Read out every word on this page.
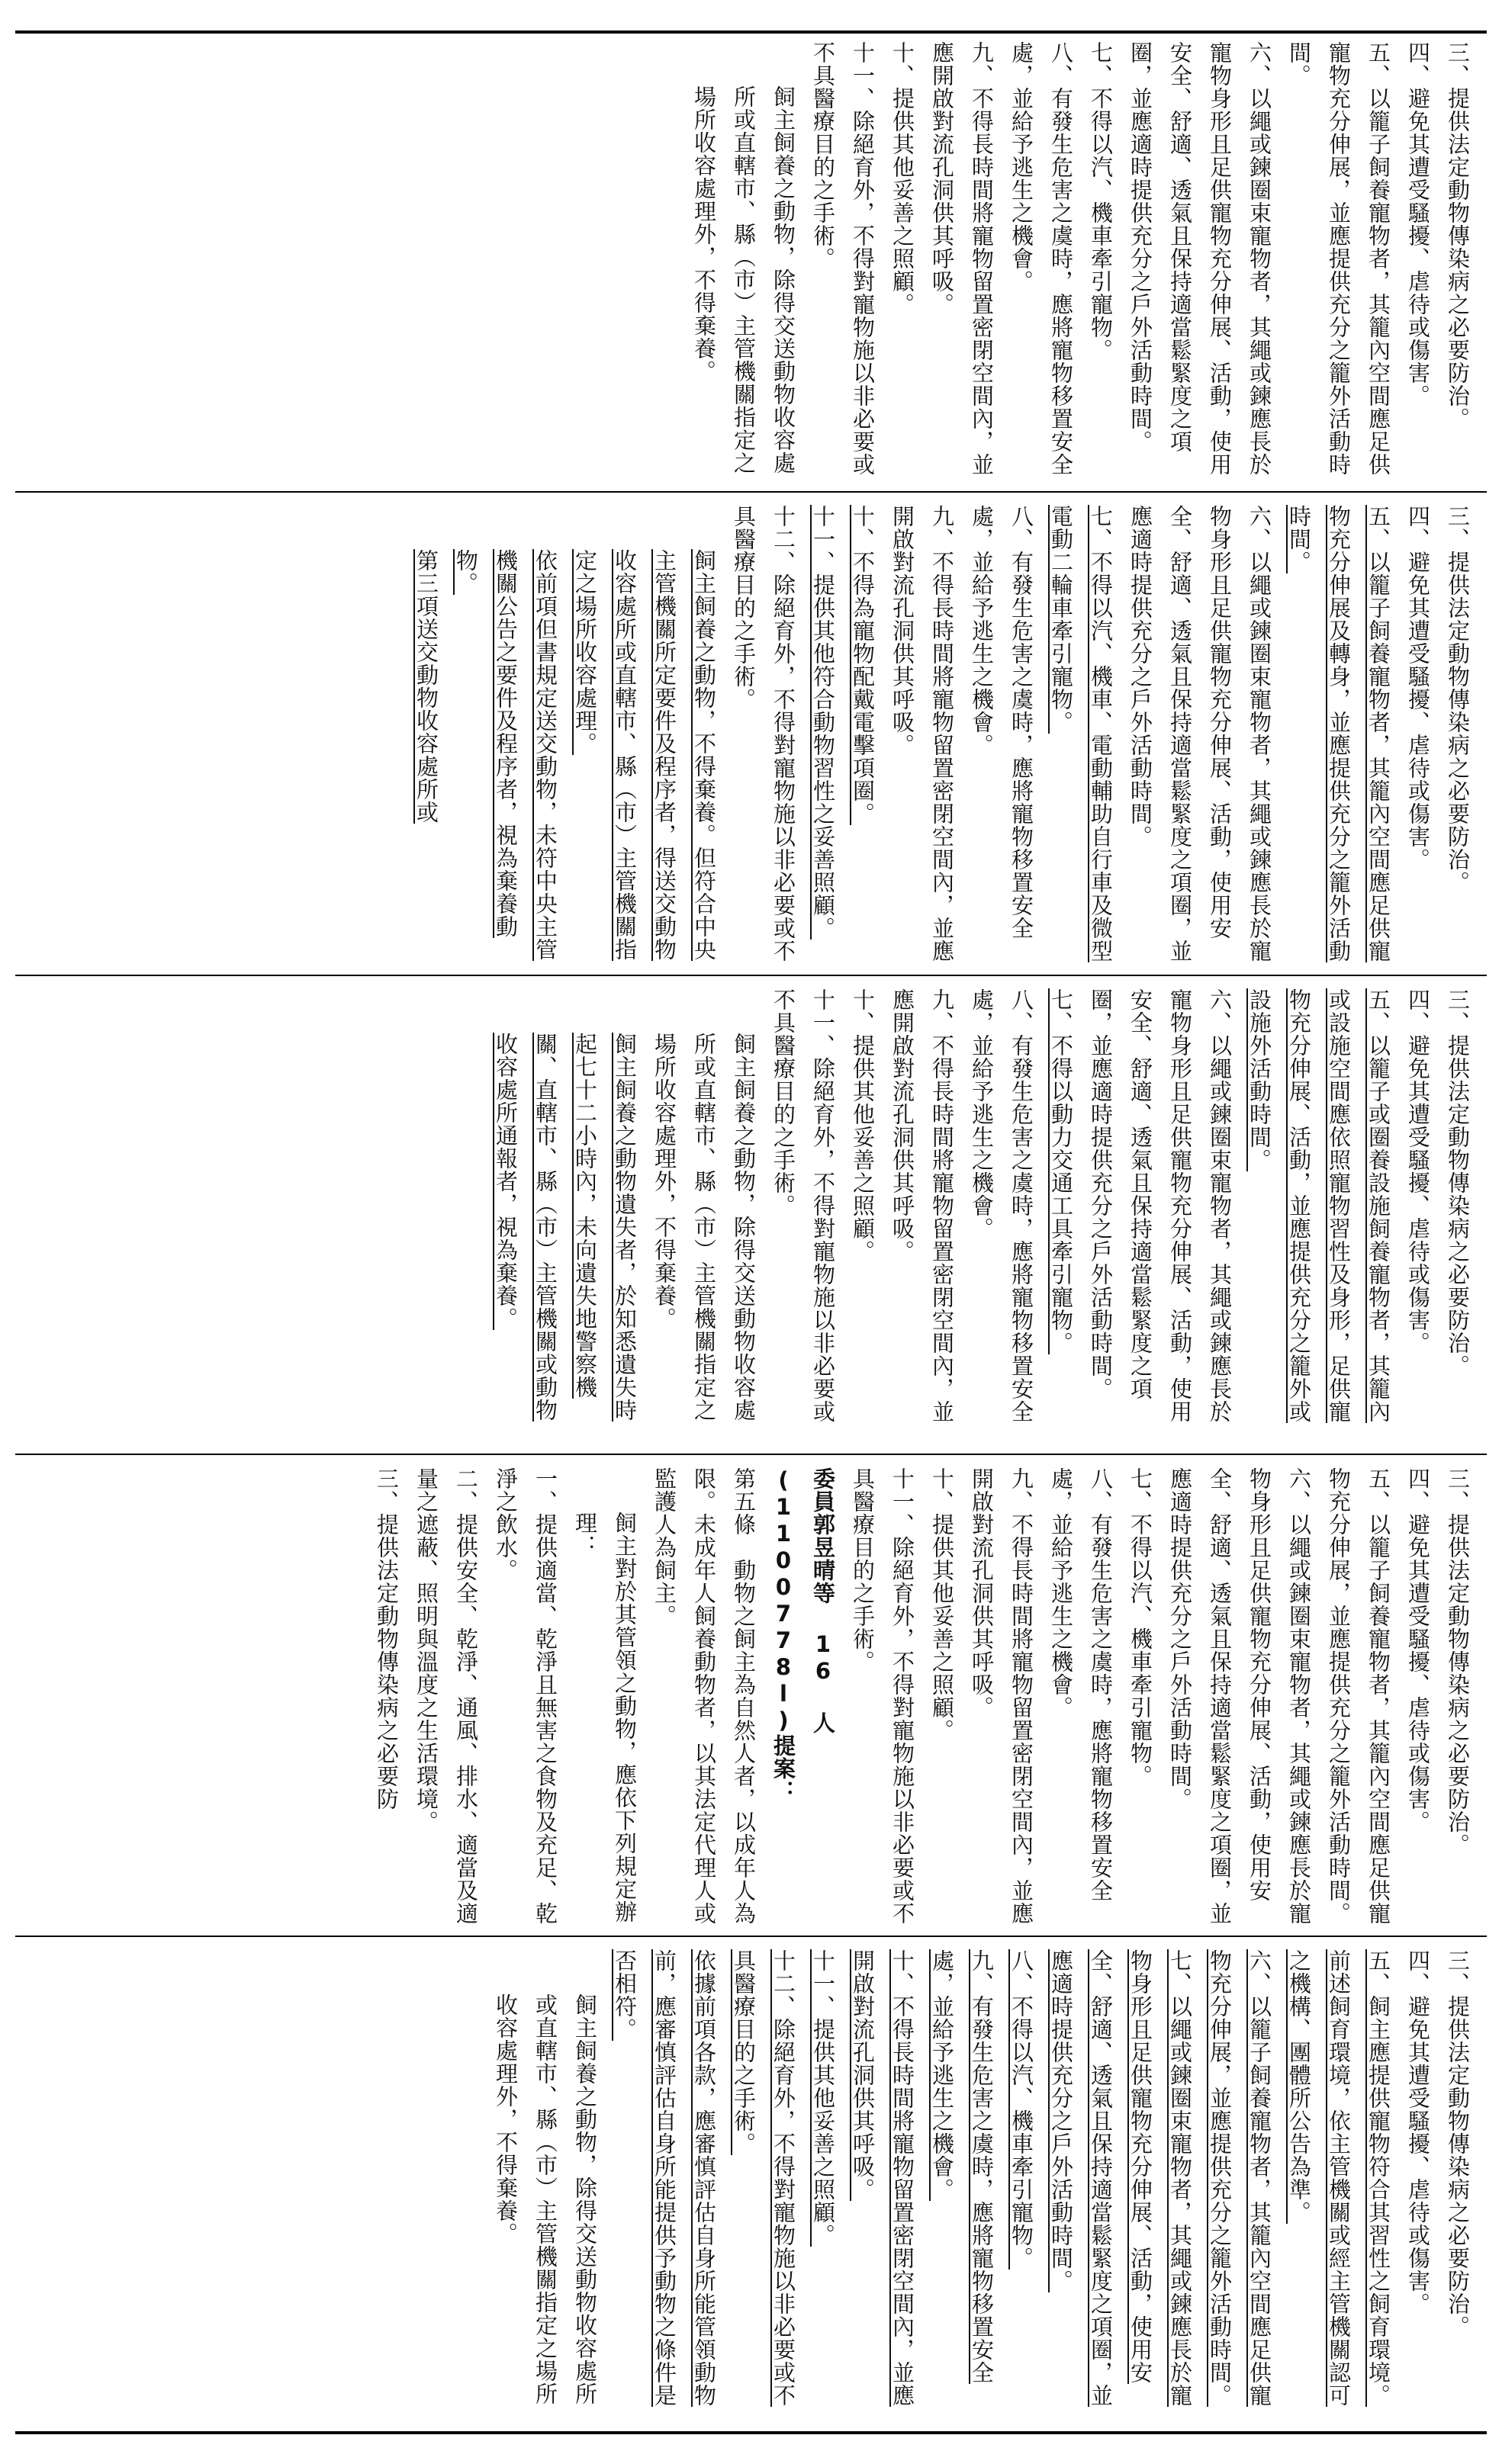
三、提供法定動物傳染病之必要防治。

四、避免其遭受騷擾、虐待或傷害。

五、以籠子飼養寵物者，其籠內空間應足供寵物充分伸展，並應提供充分之籠外活動時間。

六、以繩或鍊圈束寵物者，其繩或鍊應長於寵物身形且足供寵物充分伸展、活動，使用安全、舒適、透氣且保持適當鬆緊度之項圈，並應適時提供充分之戶外活動時間。

七、不得以汽、機車牽引寵物。

八、有發生危害之虞時，應將寵物移置安全處，並給予逃生之機會。

九、不得長時間將寵物留置密閉空間內，並應開啟對流孔洞供其呼吸。

十、提供其他妥善之照顧。

十一、除絕育外，不得對寵物施以非必要或不具醫療目的之手術。

飼主飼養之動物，除得交送動物收容處所或直轄市、縣（市）主管機關指定之場所收容處理外，不得棄養。

三、提供法定動物傳染病之必要防治。

四、避免其遭受騷擾、虐待或傷害。

五、以籠子飼養寵物者，其籠內空間應足供寵物充分伸展及轉身，並應提供充分之籠外活動時間。

六、以繩或鍊圈束寵物者，其繩或鍊應長於寵物身形且足供寵物充分伸展、活動，使用安全、舒適、透氣且保持適當鬆緊度之項圈，並應適時提供充分之戶外活動時間。

七、不得以汽、機車、電動輔助自行車及微型電動二輪車牽引寵物。

八、有發生危害之虞時，應將寵物移置安全處，並給予逃生之機會。

九、不得長時間將寵物留置密閉空間內，並應開啟對流孔洞供其呼吸。

十、不得為寵物配戴電擊項圈。

十一、提供其他符合動物習性之妥善照顧。

十二、除絕育外，不得對寵物施以非必要或不具醫療目的之手術。

飼主飼養之動物，不得棄養。但符合中央主管機關所定要件及程序者，得送交動物收容處所或直轄市、縣（市）主管機關指定之場所收容處理。

依前項但書規定送交動物，未符中央主管機關公告之要件及程序者，視為棄養動物。

第三項送交動物收容處所或

三、提供法定動物傳染病之必要防治。

四、避免其遭受騷擾、虐待或傷害。

五、以籠子或圈養設施飼養寵物者，其籠內或設施空間應依照寵物習性及身形，足供寵物充分伸展、活動，並應提供充分之籠外或設施外活動時間。

六、以繩或鍊圈束寵物者，其繩或鍊應長於寵物身形且足供寵物充分伸展、活動，使用安全、舒適、透氣且保持適當鬆緊度之項圈，並應適時提供充分之戶外活動時間。

七、不得以動力交通工具牽引寵物。

八、有發生危害之虞時，應將寵物移置安全處，並給予逃生之機會。

九、不得長時間將寵物留置密閉空間內，並應開啟對流孔洞供其呼吸。

十、提供其他妥善之照顧。

十一、除絕育外，不得對寵物施以非必要或不具醫療目的之手術。

飼主飼養之動物，除得交送動物收容處所或直轄市、縣（市）主管機關指定之場所收容處理外，不得棄養。

飼主飼養之動物遺失者，於知悉遺失時起七十二小時內，未向遺失地警察機關、直轄市、縣（市）主管機關或動物收容處所通報者，視為棄養。

三、提供法定動物傳染病之必要防治。

四、避免其遭受騷擾、虐待或傷害。

五、以籠子飼養寵物者，其籠內空間應足供寵物充分伸展，並應提供充分之籠外活動時間。

六、以繩或鍊圈束寵物者，其繩或鍊應長於寵物身形且足供寵物充分伸展、活動，使用安全、舒適、透氣且保持適當鬆緊度之項圈，並應適時提供充分之戶外活動時間。

七、不得以汽、機車牽引寵物。

八、有發生危害之虞時，應將寵物移置安全處，並給予逃生之機會。

九、不得長時間將寵物留置密閉空間內，並應開啟對流孔洞供其呼吸。

十、提供其他妥善之照顧。

十一、除絕育外，不得對寵物施以非必要或不具醫療目的之手術。

委員郭昱晴等 16 人(1100778l)提案：

第五條　動物之飼主為自然人者，以成年人為限。未成年人飼養動物者，以其法定代理人或監護人為飼主。

飼主對於其管領之動物，應依下列規定辦理：

一、提供適當、乾淨且無害之食物及充足、乾淨之飲水。

二、提供安全、乾淨、通風、排水、適當及適量之遮蔽、照明與溫度之生活環境。

三、提供法定動物傳染病之必要防

三、提供法定動物傳染病之必要防治。

四、避免其遭受騷擾、虐待或傷害。

五、飼主應提供寵物符合其習性之飼育環境。前述飼育環境，依主管機關或經主管機關認可之機構、團體所公告為準。

六、以籠子飼養寵物者，其籠內空間應足供寵物充分伸展，並應提供充分之籠外活動時間。

七、以繩或鍊圈束寵物者，其繩或鍊應長於寵物身形且足供寵物充分伸展、活動，使用安全、舒適、透氣且保持適當鬆緊度之項圈，並應適時提供充分之戶外活動時間。

八、不得以汽、機車牽引寵物。

九、有發生危害之虞時，應將寵物移置安全處，並給予逃生之機會。

十、不得長時間將寵物留置密閉空間內，並應開啟對流孔洞供其呼吸。

十一、提供其他妥善之照顧。

十二、除絕育外，不得對寵物施以非必要或不具醫療目的之手術。

依據前項各款，應審慎評估自身所能管領動物前，應審慎評估自身所能提供予動物之條件是否相符。

飼主飼養之動物，除得交送動物收容處所或直轄市、縣（市）主管機關指定之場所收容處理外，不得棄養。
